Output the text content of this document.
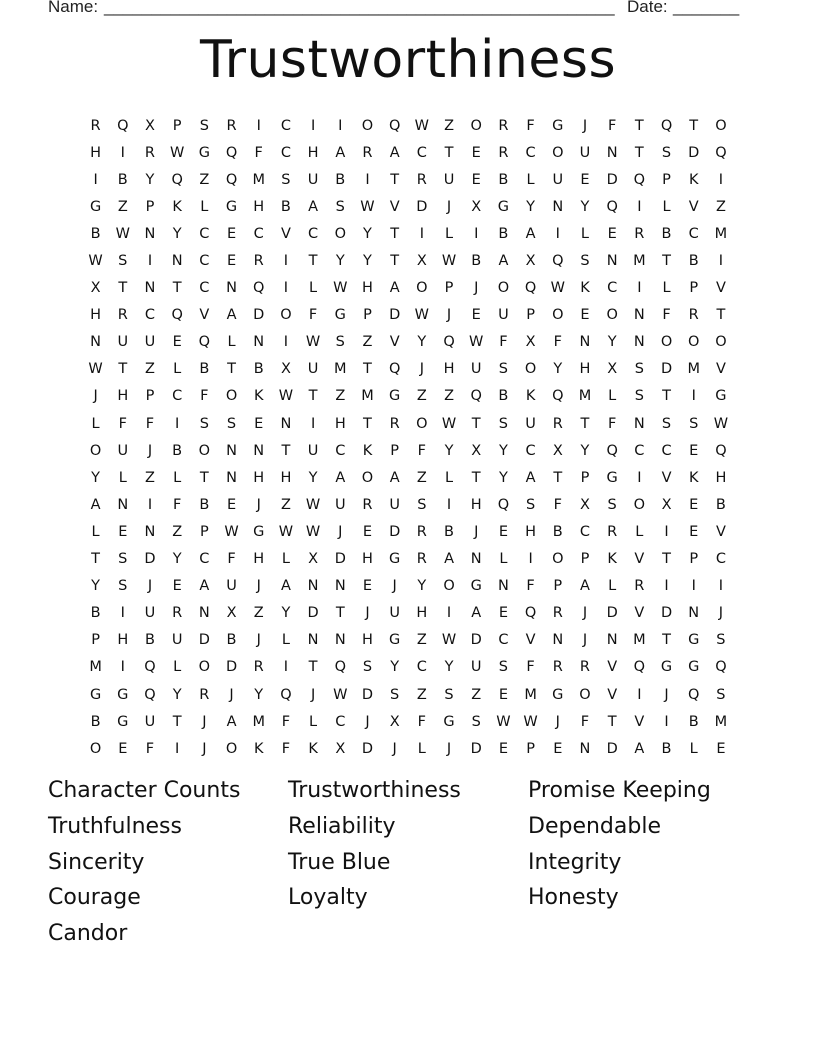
Name: ______________________________________________________ Date: _______
Trustworthiness
R	Q	X	P	S	R	I	C	I	I	O	Q W	Z	O	R	F	G	J	F	T	Q	T	O
H	I	R	W G	Q	F	C	H	A	R	A	C	T	E	R	C	O	U	N	T	S	D	Q
I	B	Y	Q	Z	Q	M	S	U	B	I	T	R	U	E	B	L	U	E	D	Q	P	K	I
G	Z	P	K	L	G	H	B	A	S	W	V	D	J	X	G	Y	N	Y	Q	I	L	V	Z
B	W	N	Y	C	E	C	V	C	O	Y	T	I	L	I	B	A	I	L	E	R	B	C	M
W	S	I	N	C	E	R	I	T	Y	Y	T	X	W	B	A	X	Q	S	N	M	T	B	I
X	T	N	T	C	N	Q	I	L	W	H	A	O	P	J	O	Q W	K	C	I	L	P	V
H	R	C	Q	V	A	D	O	F	G	P	D W	J	E	U	P	O	E	O	N	F	R	T
N	U	U	E	Q	L	N	I	W	S	Z	V	Y	Q W	F	X	F	N	Y	N	O	O	O
W	T	Z	L	B	T	B	X	U	M	T	Q	J	H	U	S	O	Y	H	X	S	D	M	V
J	H	P	C	F	O	K	W	T	Z	M	G	Z	Z	Q	B	K	Q	M	L	S	T	I	G
L	F	F	I	S	S	E	N	I	H	T	R	O W	T	S	U	R	T	F	N	S	S	W
O	U	J	B	O	N	N	T	U	C	K	P	F	Y	X	Y	C	X	Y	Q	C	C	E	Q
Y	L	Z	L	T	N	H	H	Y	A	O	A	Z	L	T	Y	A	T	P	G	I	V	K	H
A	N	I	F	B	E	J	Z	W	U	R	U	S	I	H	Q	S	F	X	S	O	X	E	B
L	E	N	Z	P	W G W W	J	E	D	R	B	J	E	H	B	C	R	L	I	E	V
T	S	D	Y	C	F	H	L	X	D	H	G	R	A	N	L	I	O	P	K	V	T	P	C
Y	S	J	E	A	U	J	A	N	N	E	J	Y	O	G	N	F	P	A	L	R	I	I	I
B	I	U	R	N	X	Z	Y	D	T	J	U	H	I	A	E	Q	R	J	D	V	D	N	J
P	H	B	U	D	B	J	L	N	N	H	G	Z	W D	C	V	N	J	N	M	T	G	S
M	I	Q	L	O	D	R	I	T	Q	S	Y	C	Y	U	S	F	R	R	V	Q	G	G	Q
G	G	Q	Y	R	J	Y	Q	J	W D	S	Z	S	Z	E	M	G	O	V	I	J	Q	S
B	G	U	T	J	A	M	F	L	C	J	X	F	G	S	W W	J	F	T	V	I	B	M
O	E	F	I	J	O	K	F	K	X	D	J	L	J	D	E	P	E	N	D	A	B	L	E
Character Counts	Trustworthiness	Promise Keeping
Truthfulness	Reliability	Dependable
Sincerity	True Blue	Integrity
Courage	Loyalty	Honesty
Candor
